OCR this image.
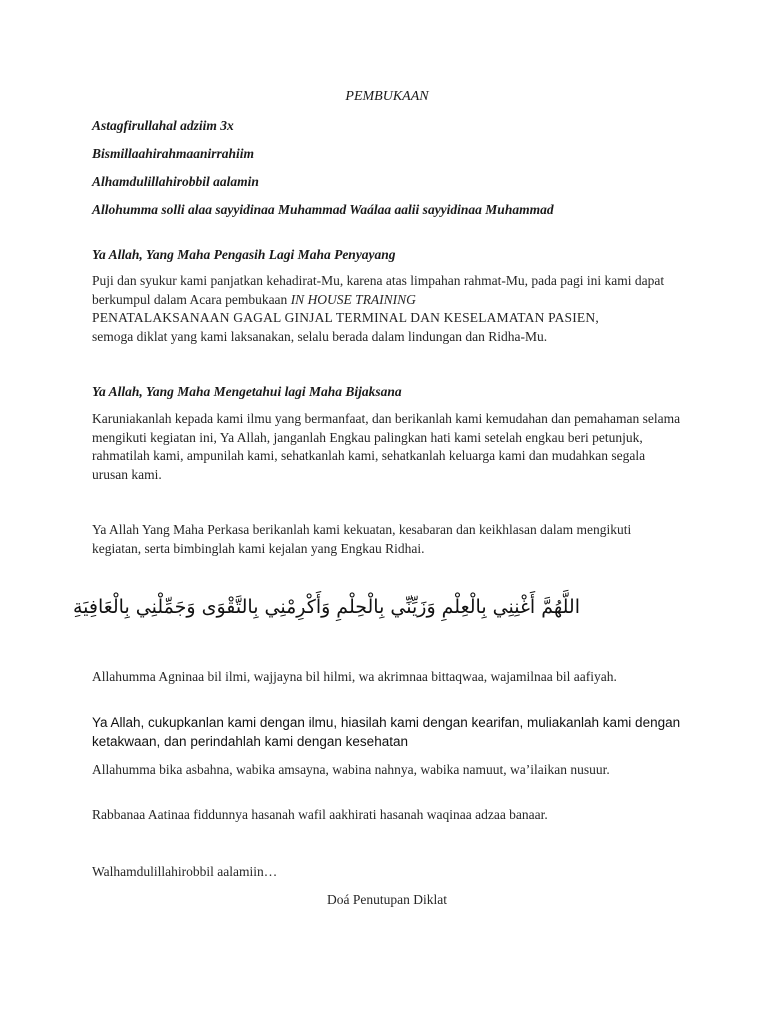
PEMBUKAAN
Astagfirullahal adziim 3x
Bismillaahirahmaanirrahiim
Alhamdulillahirobbil aalamin
Allohumma solli alaa sayyidinaa Muhammad Waálaa aalii sayyidinaa Muhammad
Ya Allah, Yang Maha Pengasih Lagi Maha Penyayang
Puji dan syukur kami panjatkan kehadirat-Mu, karena atas limpahan rahmat-Mu, pada pagi ini kami dapat berkumpul dalam Acara pembukaan IN HOUSE TRAINING
PENATALAKSANAAN GAGAL GINJAL TERMINAL DAN KESELAMATAN PASIEN,
semoga diklat yang kami laksanakan, selalu berada dalam lindungan dan Ridha-Mu.
Ya Allah, Yang Maha Mengetahui lagi Maha Bijaksana
Karuniakanlah kepada kami ilmu yang bermanfaat, dan berikanlah kami kemudahan dan pemahaman selama mengikuti kegiatan ini, Ya Allah, janganlah Engkau palingkan hati kami setelah engkau beri petunjuk, rahmatilah kami, ampunilah kami, sehatkanlah kami, sehatkanlah keluarga kami dan mudahkan segala urusan kami.
Ya Allah Yang Maha Perkasa berikanlah kami kekuatan, kesabaran dan keikhlasan dalam mengikuti kegiatan, serta bimbinglah kami kejalan yang Engkau Ridhai.
اللَّهُمَّ أَغْنِنِي بِالْعِلْمِ وَزَيِّنِّي بِالْحِلْمِ وَأَكْرِمْنِي بِالتَّقْوَى وَجَمِّلْنِي بِالْعَافِيَةِ
Allahumma Agninaa bil ilmi, wajjayna bil hilmi, wa akrimnaa bittaqwaa, wajamilnaa bil aafiyah.
Ya Allah, cukupkanlan kami dengan ilmu, hiasilah kami dengan kearifan, muliakanlah kami dengan ketakwaan, dan perindahlah kami dengan kesehatan
Allahumma bika asbahna, wabika amsayna, wabina nahnya, wabika namuut, wa’ilaikan nusuur.
Rabbanaa Aatinaa fiddunnya hasanah wafil aakhirati hasanah waqinaa adzaa banaar.
Walhamdulillahirobbil aalamiin…
Doá Penutupan Diklat
